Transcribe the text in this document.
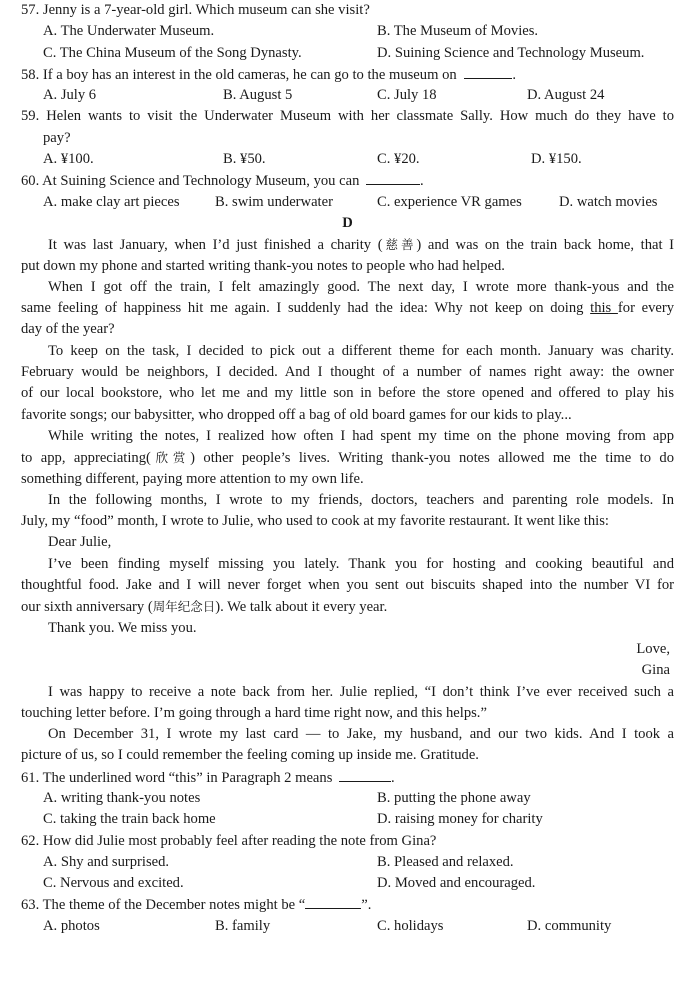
57. Jenny is a 7-year-old girl. Which museum can she visit?
A. The Underwater Museum.	B. The Museum of Movies.
C. The China Museum of the Song Dynasty.	D. Suining Science and Technology Museum.
58. If a boy has an interest in the old cameras, he can go to the museum on	.
A. July 6	B. August 5	C. July 18	D. August 24
59. Helen wants to visit the Underwater Museum with her classmate Sally. How much do they have to
pay?
A. ¥100.	B. ¥50.	C. ¥20.	D. ¥150.
60. At Suining Science and Technology Museum, you can	.
A. make clay art pieces B. swim underwater	C. experience VR games	D. watch movies
D
It was last January, when I’d just finished a charity (慈善) and was on the train back home, that I
put down my phone and started writing thank-you notes to people who had helped.
When I got off the train, I felt amazingly good. The next day, I wrote more thank-yous and the
same feeling of happiness hit me again. I suddenly had the idea: Why not keep on doing this for every
day of the year?
To keep on the task, I decided to pick out a different theme for each month. January was charity.
February would be neighbors, I decided. And I thought of a number of names right away: the owner
of our local bookstore, who let me and my little son in before the store opened and offered to play his
favorite songs; our babysitter, who dropped off a bag of old board games for our kids to play...
While writing the notes, I realized how often I had spent my time on the phone moving from app
to app, appreciating(欣赏) other people’s lives. Writing thank-you notes allowed me the time to do
something different, paying more attention to my own life.
In the following months, I wrote to my friends, doctors, teachers and parenting role models. In
July, my “food” month, I wrote to Julie, who used to cook at my favorite restaurant. It went like this:
Dear Julie,
I’ve been finding myself missing you lately. Thank you for hosting and cooking beautiful and
thoughtful food. Jake and I will never forget when you sent out biscuits shaped into the number VI for
our sixth anniversary (周年纪念日). We talk about it every year.
Thank you. We miss you.
Love,
Gina
I was happy to receive a note back from her. Julie replied, “I don’t think I’ve ever received such a
touching letter before. I’m going through a hard time right now, and this helps.”
On December 31, I wrote my last card — to Jake, my husband, and our two kids. And I took a
picture of us, so I could remember the feeling coming up inside me. Gratitude.
61. The underlined word “this” in Paragraph 2 means	.
A. writing thank-you notes	B. putting the phone away
C. taking the train back home	D. raising money for charity
62. How did Julie most probably feel after reading the note from Gina?
A. Shy and surprised.	B. Pleased and relaxed.
C. Nervous and excited.	D. Moved and encouraged.
63. The theme of the December notes might be “	”.
A. photos	B. family	C. holidays	D. community
